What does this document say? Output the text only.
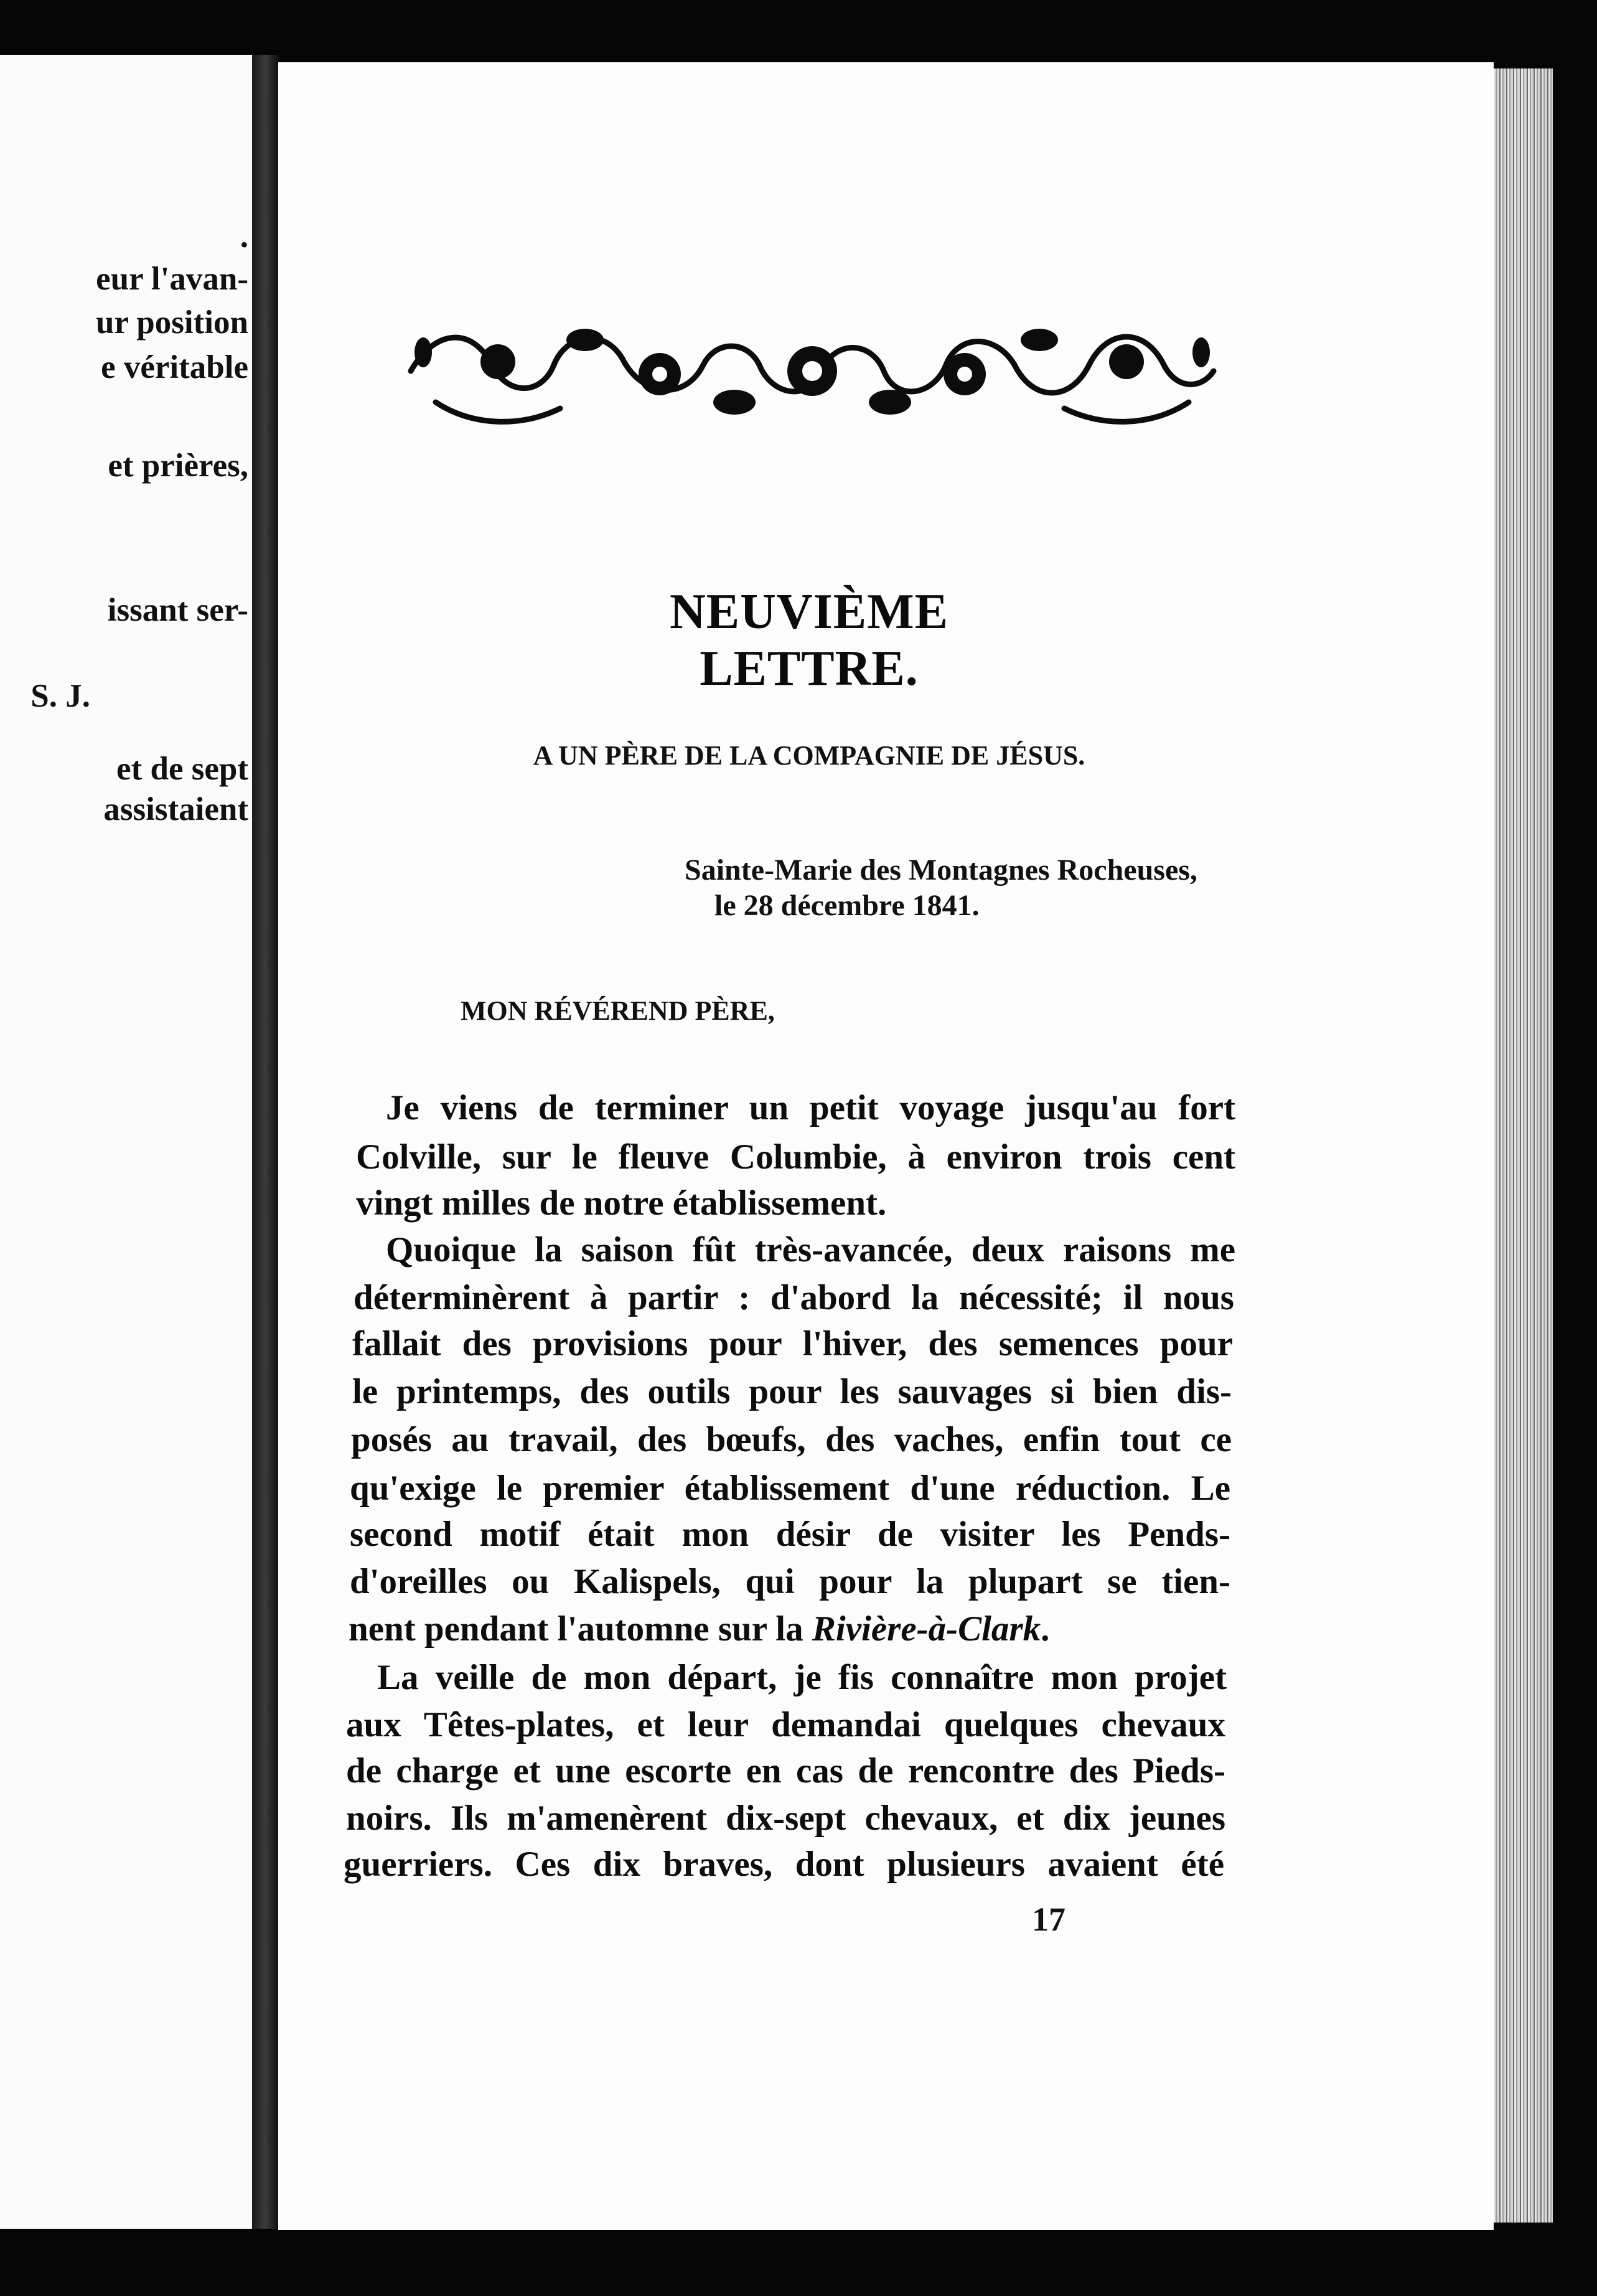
.
eur l'avan-
ur position
e véritable
et prières,
issant ser-
S. J.
et de sept
assistaient
NEUVIÈME LETTRE.
A UN PÈRE DE LA COMPAGNIE DE JÉSUS.
Sainte-Marie des Montagnes Rocheuses,
le 28 décembre 1841.
MON RÉVÉREND PÈRE,
Je viens de terminer un petit voyage jusqu'au fort
Colville, sur le fleuve Columbie, à environ trois cent
vingt milles de notre établissement.
Quoique la saison fût très-avancée, deux raisons me
déterminèrent à partir : d'abord la nécessité; il nous
fallait des provisions pour l'hiver, des semences pour
le printemps, des outils pour les sauvages si bien dis-
posés au travail, des bœufs, des vaches, enfin tout ce
qu'exige le premier établissement d'une réduction. Le
second motif était mon désir de visiter les Pends-
d'oreilles ou Kalispels, qui pour la plupart se tien-
nent pendant l'automne sur la Rivière-à-Clark.
La veille de mon départ, je fis connaître mon projet
aux Têtes-plates, et leur demandai quelques chevaux
de charge et une escorte en cas de rencontre des Pieds-
noirs. Ils m'amenèrent dix-sept chevaux, et dix jeunes
guerriers. Ces dix braves, dont plusieurs avaient été
17
